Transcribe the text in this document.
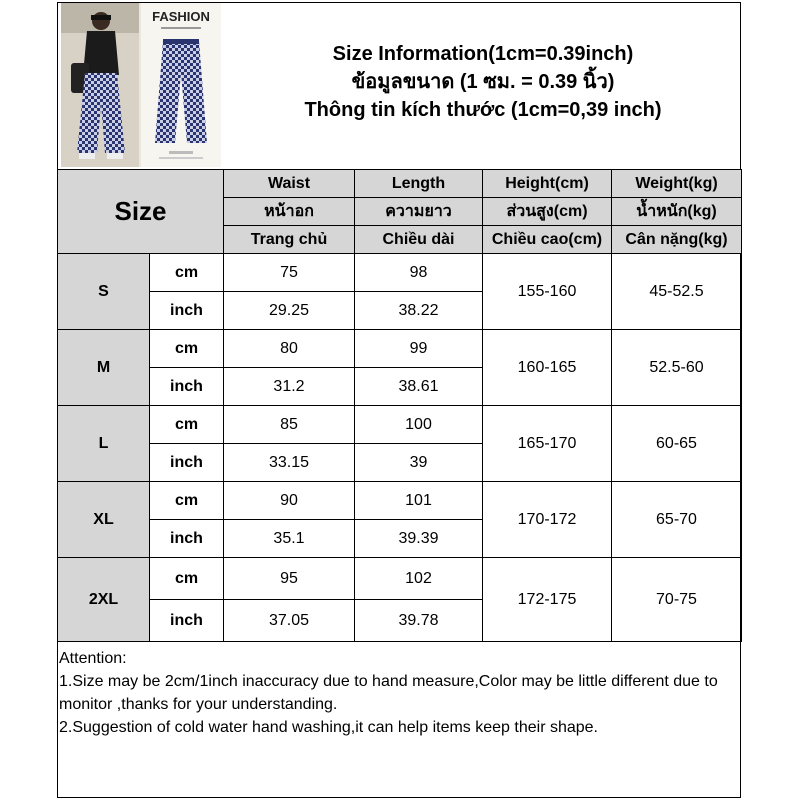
FASHION
Size Information(1cm=0.39inch)
ข้อมูลขนาด (1 ซม. = 0.39 นิ้ว)
Thông tin kích thước (1cm=0,39 inch)
Size		Waist	Length	Height(cm)	Weight(kg)
		หน้าอก	ความยาว	ส่วนสูง(cm)	น้ำหนัก(kg)
		Trang chủ	Chiều dài	Chiều cao(cm)	Cân nặng(kg)
S	cm	75	98	155-160	45-52.5
	inch	29.25	38.22		
M	cm	80	99	160-165	52.5-60
	inch	31.2	38.61		
L	cm	85	100	165-170	60-65
	inch	33.15	39		
XL	cm	90	101	170-172	65-70
	inch	35.1	39.39		
2XL	cm	95	102	172-175	70-75
	inch	37.05	39.78		
Attention:
1.Size may be 2cm/1inch inaccuracy due to hand measure,Color may be little different due to monitor ,thanks for your understanding.
2.Suggestion of cold water hand washing,it can help items keep their shape.
